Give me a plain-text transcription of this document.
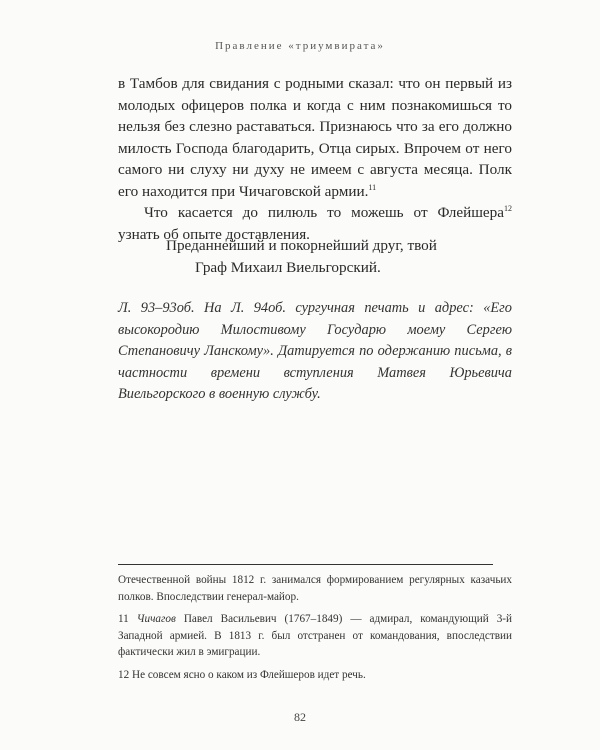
Правление «триумвирата»

в Тамбов для свидания с родными сказал: что он первый из молодых офицеров полка и когда с ним познакомишься то нельзя без слезно раставаться. Признаюсь что за его должно милость Господа благодарить, Отца сирых. Впрочем от него самого ни слуху ни духу не имеем с августа месяца. Полк его находится при Чичаговской армии.$^{11}$

Что касается до пилюль то можешь от Флейшера$^{12}$ узнать об опыте доставления.

Преданнейший и покорнейший друг, твой
Граф Михаил Виельгорский.
Л. 93–93об. На Л. 94об. сургучная печать и адрес: «Его высокородию Милостивому Государю моему Сергею Степановичу Ланскому». Датируется по одержанию письма, в частности времени вступления Матвея Юрьевича Виельгорского в военную службу.

Отечественной войны 1812 г. занимался формированием регулярных казачьих полков. Впоследствии генерал-майор.

11 Чичагов Павел Васильевич (1767–1849) — адмирал, командующий 3-й Западной армией. В 1813 г. был отстранен от командования, впоследствии фактически жил в эмиграции.

12 Не совсем ясно о каком из Флейшеров идет речь.

82
